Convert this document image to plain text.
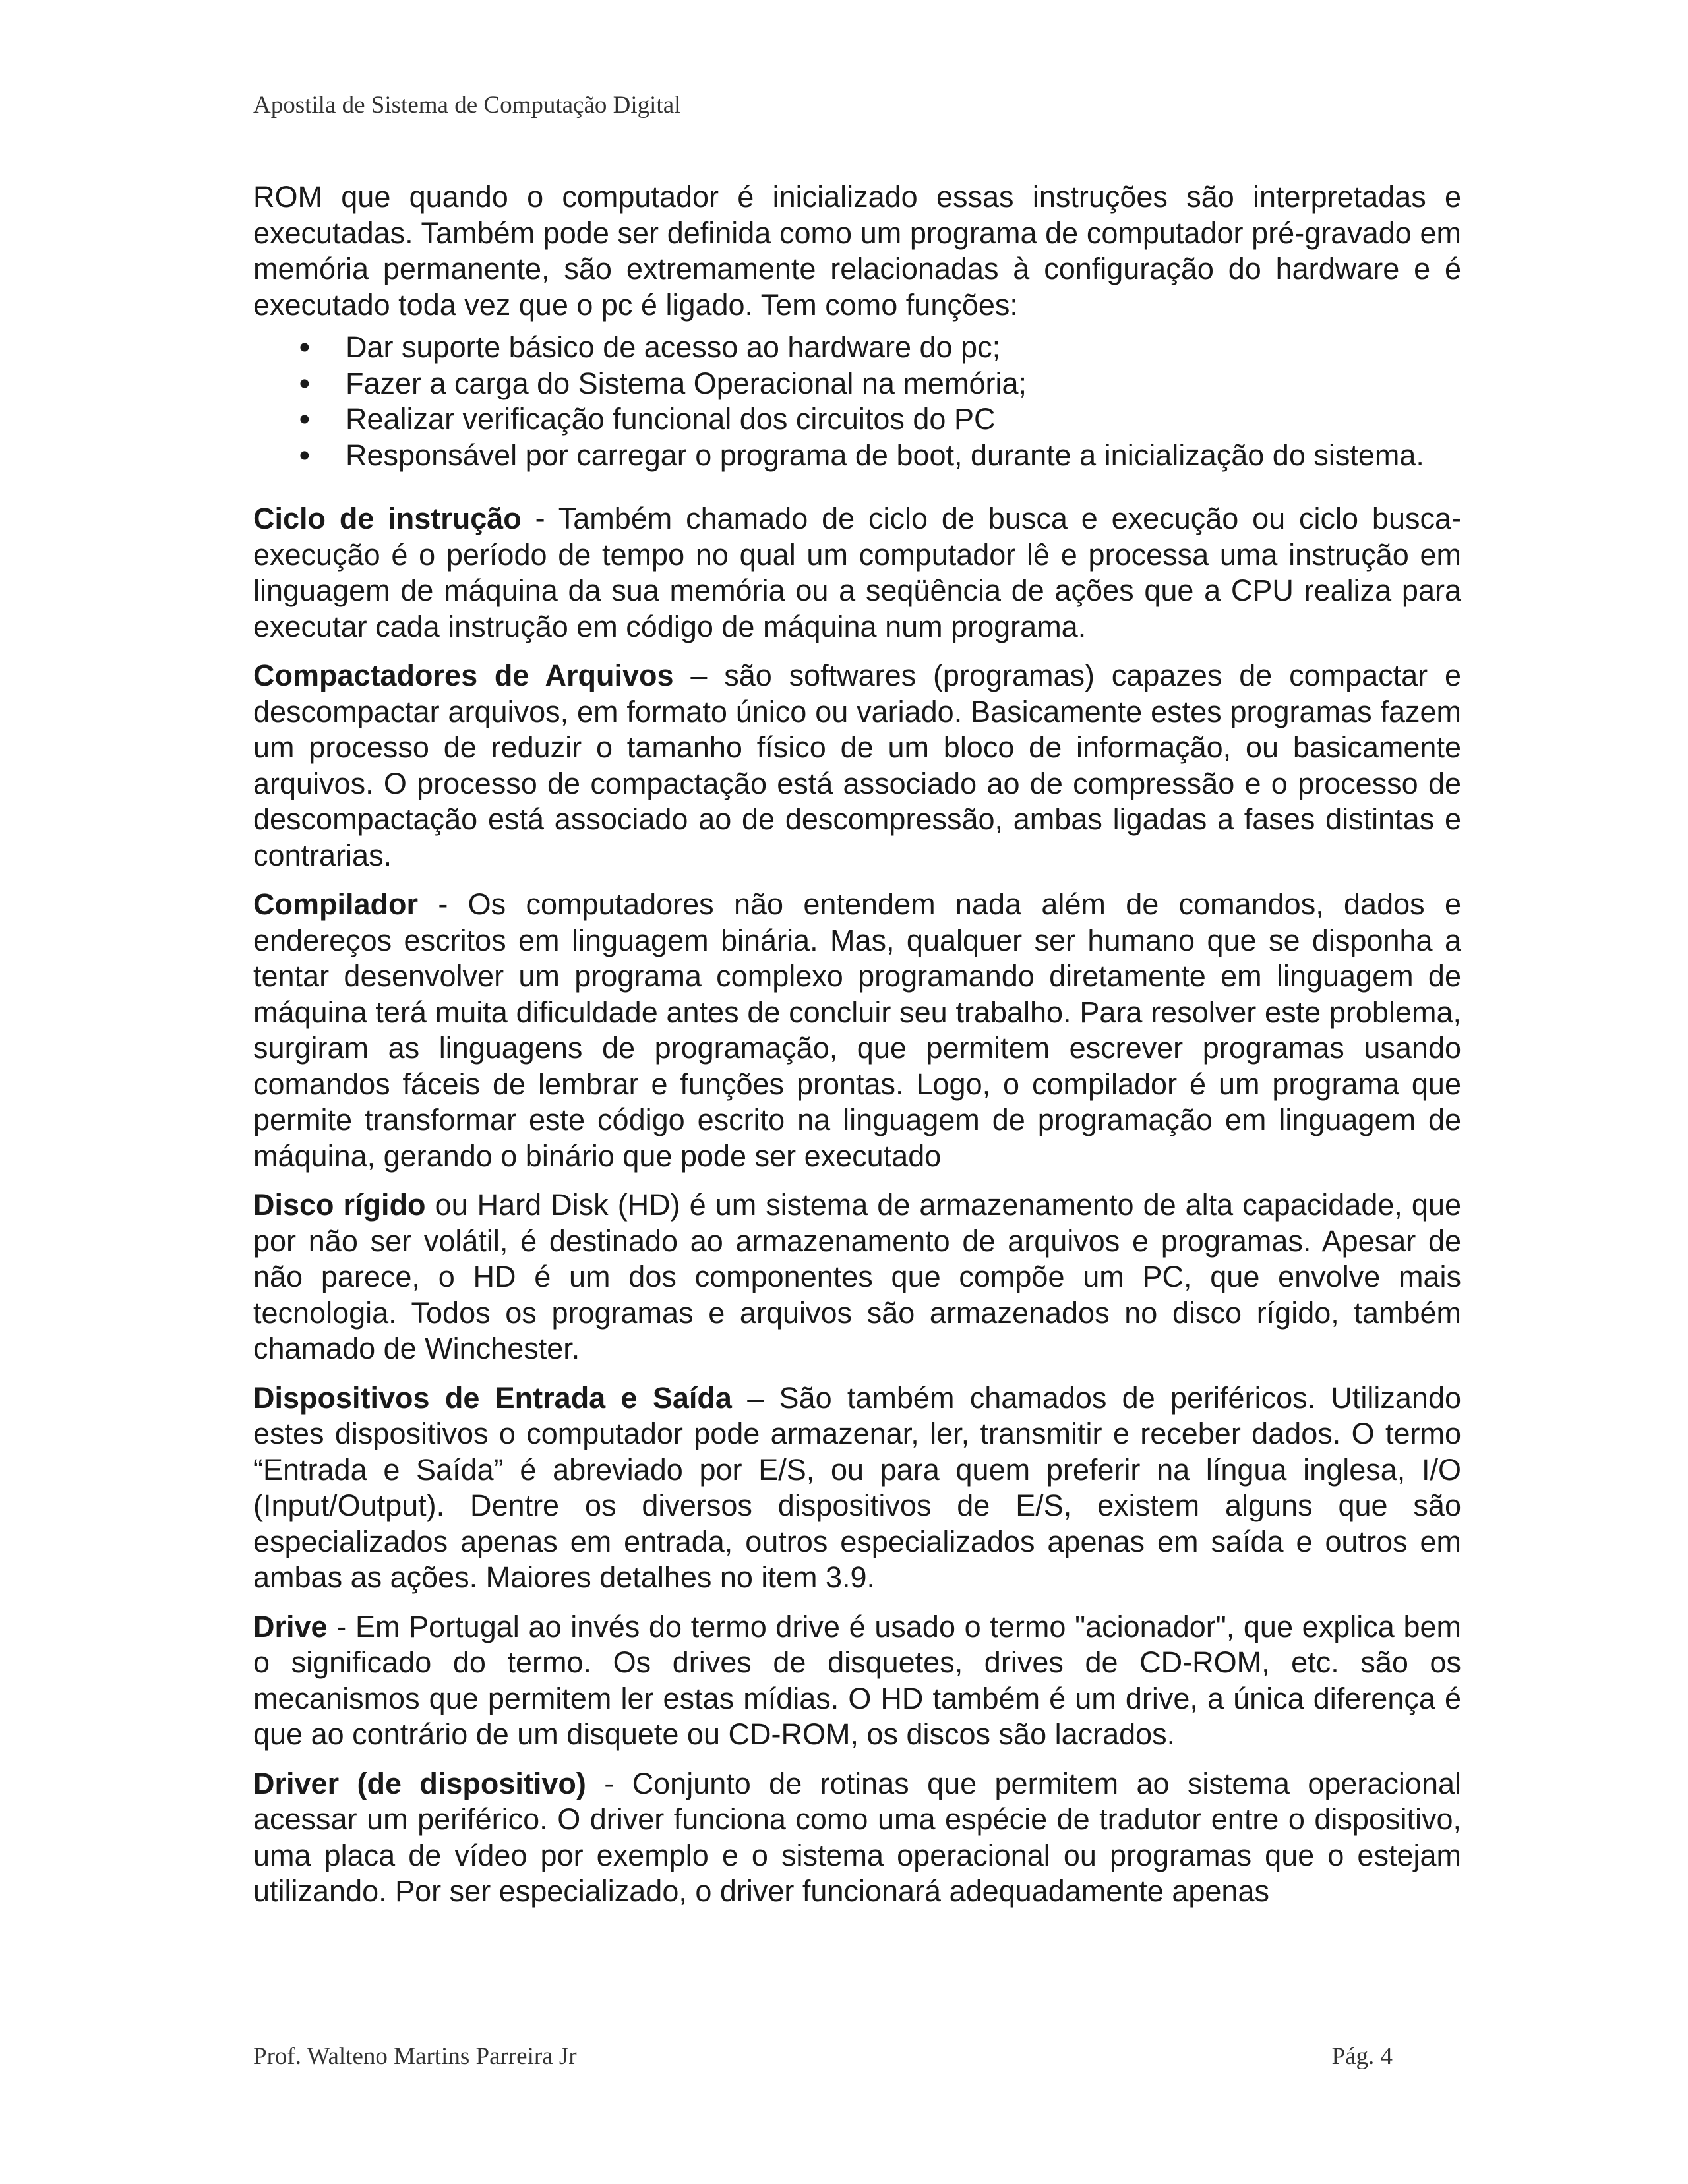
Apostila de Sistema de Computação Digital

ROM que quando o computador é inicializado essas instruções são interpretadas e executadas. Também pode ser definida como um programa de computador pré-gravado em memória permanente, são extremamente relacionadas à configuração do hardware e é executado toda vez que o pc é ligado. Tem como funções:

• Dar suporte básico de acesso ao hardware do pc;
• Fazer a carga do Sistema Operacional na memória;
• Realizar verificação funcional dos circuitos do PC
• Responsável por carregar o programa de boot, durante a inicialização do sistema.

Ciclo de instrução - Também chamado de ciclo de busca e execução ou ciclo busca-execução é o período de tempo no qual um computador lê e processa uma instrução em linguagem de máquina da sua memória ou a seqüência de ações que a CPU realiza para executar cada instrução em código de máquina num programa.

Compactadores de Arquivos – são softwares (programas) capazes de compactar e descompactar arquivos, em formato único ou variado. Basicamente estes programas fazem um processo de reduzir o tamanho físico de um bloco de informação, ou basicamente arquivos. O processo de compactação está associado ao de compressão e o processo de descompactação está associado ao de descompressão, ambas ligadas a fases distintas e contrarias.

Compilador - Os computadores não entendem nada além de comandos, dados e endereços escritos em linguagem binária. Mas, qualquer ser humano que se disponha a tentar desenvolver um programa complexo programando diretamente em linguagem de máquina terá muita dificuldade antes de concluir seu trabalho. Para resolver este problema, surgiram as linguagens de programação, que permitem escrever programas usando comandos fáceis de lembrar e funções prontas. Logo, o compilador é um programa que permite transformar este código escrito na linguagem de programação em linguagem de máquina, gerando o binário que pode ser executado

Disco rígido ou Hard Disk (HD) é um sistema de armazenamento de alta capacidade, que por não ser volátil, é destinado ao armazenamento de arquivos e programas. Apesar de não parece, o HD é um dos componentes que compõe um PC, que envolve mais tecnologia. Todos os programas e arquivos são armazenados no disco rígido, também chamado de Winchester.

Dispositivos de Entrada e Saída – São também chamados de periféricos. Utilizando estes dispositivos o computador pode armazenar, ler, transmitir e receber dados. O termo “Entrada e Saída” é abreviado por E/S, ou para quem preferir na língua inglesa, I/O (Input/Output). Dentre os diversos dispositivos de E/S, existem alguns que são especializados apenas em entrada, outros especializados apenas em saída e outros em ambas as ações. Maiores detalhes no item 3.9.

Drive - Em Portugal ao invés do termo drive é usado o termo "acionador", que explica bem o significado do termo. Os drives de disquetes, drives de CD-ROM, etc. são os mecanismos que permitem ler estas mídias. O HD também é um drive, a única diferença é que ao contrário de um disquete ou CD-ROM, os discos são lacrados.

Driver (de dispositivo) - Conjunto de rotinas que permitem ao sistema operacional acessar um periférico. O driver funciona como uma espécie de tradutor entre o dispositivo, uma placa de vídeo por exemplo e o sistema operacional ou programas que o estejam utilizando. Por ser especializado, o driver funcionará adequadamente apenas

Prof. Walteno Martins Parreira Jr	Pág. 4
